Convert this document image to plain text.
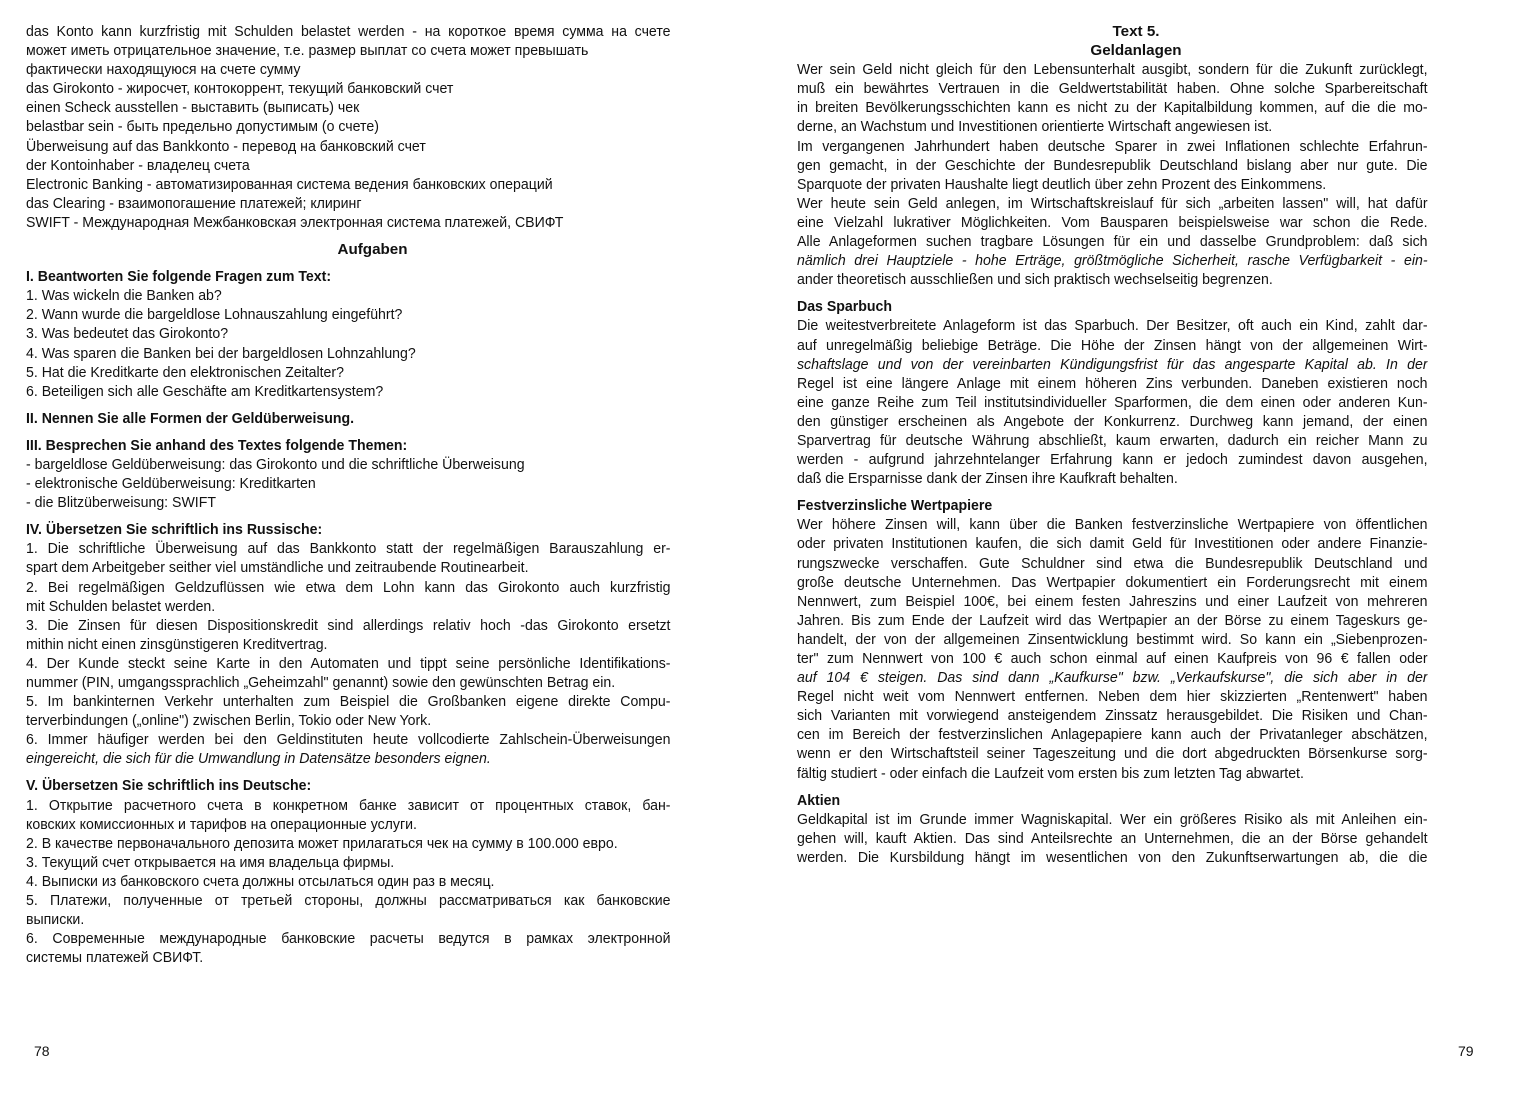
das Konto kann kurzfristig mit Schulden belastet werden - на короткое время сумма на счете
может иметь отрицательное значение, т.е. размер выплат со счета может превышать
фактически находящуюся на счете сумму
das Girokonto - жиросчет, контокоррент, текущий банковский счет
einen Scheck ausstellen - выставить (выписать) чек
belastbar sein - быть предельно допустимым (о счете)
Überweisung auf das Bankkonto - перевод на банковский счет
der Kontoinhaber - владелец счета
Electronic Banking - автоматизированная система ведения банковских операций
das Clearing - взаимопогашение платежей; клиринг
SWIFT - Международная Межбанковская электронная система платежей, СВИФТ
Aufgaben
I. Beantworten Sie folgende Fragen zum Text:
1. Was wickeln die Banken ab?
2. Wann wurde die bargeldlose Lohnauszahlung eingeführt?
3. Was bedeutet das Girokonto?
4. Was sparen die Banken bei der bargeldlosen Lohnzahlung?
5. Hat die Kreditkarte den elektronischen Zeitalter?
6. Beteiligen sich alle Geschäfte am Kreditkartensystem?
II. Nennen Sie alle Formen der Geldüberweisung.
III. Besprechen Sie anhand des Textes folgende Themen:
- bargeldlose Geldüberweisung: das Girokonto und die schriftliche Überweisung
- elektronische Geldüberweisung: Kreditkarten
- die Blitzüberweisung: SWIFT
IV. Übersetzen Sie schriftlich ins Russische:
1. Die schriftliche Überweisung auf das Bankkonto statt der regelmäßigen Barauszahlung er-
spart dem Arbeitgeber seither viel umständliche und zeitraubende Routinearbeit.
2. Bei regelmäßigen Geldzuflüssen wie etwa dem Lohn kann das Girokonto auch kurzfristig
mit Schulden belastet werden.
3. Die Zinsen für diesen Dispositionskredit sind allerdings relativ hoch -das Girokonto ersetzt
mithin nicht einen zinsgünstigeren Kreditvertrag.
4. Der Kunde steckt seine Karte in den Automaten und tippt seine persönliche Identifikations-
nummer (PIN, umgangssprachlich „Geheimzahl" genannt) sowie den gewünschten Betrag ein.
5. Im bankinternen Verkehr unterhalten zum Beispiel die Großbanken eigene direkte Compu-
terverbindungen („online") zwischen Berlin, Tokio oder New York.
6. Immer häufiger werden bei den Geldinstituten heute vollcodierte Zahlschein-Überweisungen
eingereicht, die sich für die Umwandlung in Datensätze besonders eignen.
V. Übersetzen Sie schriftlich ins Deutsche:
1. Открытие расчетного счета в конкретном банке зависит от процентных ставок, бан-
ковских комиссионных и тарифов на операционные услуги.
2. В качестве первоначального депозита может прилагаться чек на сумму в 100.000 евро.
3. Текущий счет открывается на имя владельца фирмы.
4. Выписки из банковского счета должны отсылаться один раз в месяц.
5. Платежи, полученные от третьей стороны, должны рассматриваться как банковские
выписки.
6. Современные международные банковские расчеты ведутся в рамках электронной
системы платежей СВИФТ.
78
Text 5.
Geldanlagen
Wer sein Geld nicht gleich für den Lebensunterhalt ausgibt, sondern für die Zukunft zurücklegt,
muß ein bewährtes Vertrauen in die Geldwertstabilität haben. Ohne solche Sparbereitschaft
in breiten Bevölkerungsschichten kann es nicht zu der Kapitalbildung kommen, auf die die mo-
derne, an Wachstum und Investitionen orientierte Wirtschaft angewiesen ist.
Im vergangenen Jahrhundert haben deutsche Sparer in zwei Inflationen schlechte Erfahrun-
gen gemacht, in der Geschichte der Bundesrepublik Deutschland bislang aber nur gute. Die
Sparquote der privaten Haushalte liegt deutlich über zehn Prozent des Einkommens.
Wer heute sein Geld anlegen, im Wirtschaftskreislauf für sich „arbeiten lassen" will, hat dafür
eine Vielzahl lukrativer Möglichkeiten. Vom Bausparen beispielsweise war schon die Rede.
Alle Anlageformen suchen tragbare Lösungen für ein und dasselbe Grundproblem: daß sich
nämlich drei Hauptziele - hohe Erträge, größtmögliche Sicherheit, rasche Verfügbarkeit - ein-
ander theoretisch ausschließen und sich praktisch wechselseitig begrenzen.
Das Sparbuch
Die weitestverbreitete Anlageform ist das Sparbuch. Der Besitzer, oft auch ein Kind, zahlt dar-
auf unregelmäßig beliebige Beträge. Die Höhe der Zinsen hängt von der allgemeinen Wirt-
schaftslage und von der vereinbarten Kündigungsfrist für das angesparte Kapital ab. In der
Regel ist eine längere Anlage mit einem höheren Zins verbunden. Daneben existieren noch
eine ganze Reihe zum Teil institutsindividueller Sparformen, die dem einen oder anderen Kun-
den günstiger erscheinen als Angebote der Konkurrenz. Durchweg kann jemand, der einen
Sparvertrag für deutsche Währung abschließt, kaum erwarten, dadurch ein reicher Mann zu
werden - aufgrund jahrzehntelanger Erfahrung kann er jedoch zumindest davon ausgehen,
daß die Ersparnisse dank der Zinsen ihre Kaufkraft behalten.
Festverzinsliche Wertpapiere
Wer höhere Zinsen will, kann über die Banken festverzinsliche Wertpapiere von öffentlichen
oder privaten Institutionen kaufen, die sich damit Geld für Investitionen oder andere Finanzie-
rungszwecke verschaffen. Gute Schuldner sind etwa die Bundesrepublik Deutschland und
große deutsche Unternehmen. Das Wertpapier dokumentiert ein Forderungsrecht mit einem
Nennwert, zum Beispiel 100€, bei einem festen Jahreszins und einer Laufzeit von mehreren
Jahren. Bis zum Ende der Laufzeit wird das Wertpapier an der Börse zu einem Tageskurs ge-
handelt, der von der allgemeinen Zinsentwicklung bestimmt wird. So kann ein „Siebenprozen-
ter" zum Nennwert von 100 € auch schon einmal auf einen Kaufpreis von 96 € fallen oder
auf 104 € steigen. Das sind dann „Kaufkurse" bzw. „Verkaufskurse", die sich aber in der
Regel nicht weit vom Nennwert entfernen. Neben dem hier skizzierten „Rentenwert" haben
sich Varianten mit vorwiegend ansteigendem Zinssatz herausgebildet. Die Risiken und Chan-
cen im Bereich der festverzinslichen Anlagepapiere kann auch der Privatanleger abschätzen,
wenn er den Wirtschaftsteil seiner Tageszeitung und die dort abgedruckten Börsenkurse sorg-
fältig studiert - oder einfach die Laufzeit vom ersten bis zum letzten Tag abwartet.
Aktien
Geldkapital ist im Grunde immer Wagniskapital. Wer ein größeres Risiko als mit Anleihen ein-
gehen will, kauft Aktien. Das sind Anteilsrechte an Unternehmen, die an der Börse gehandelt
werden. Die Kursbildung hängt im wesentlichen von den Zukunftserwartungen ab, die die
79
